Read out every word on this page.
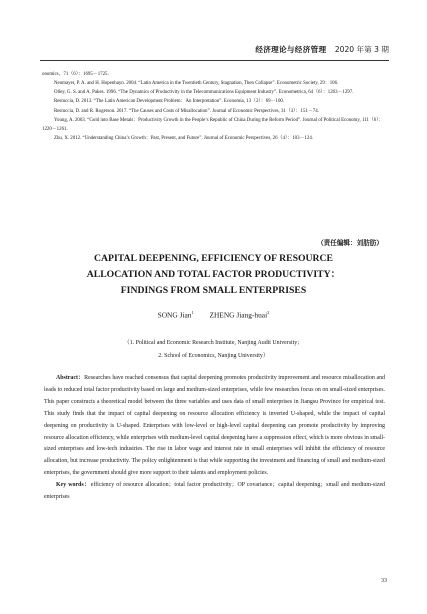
经济理论与经济管理 2020 年第 3 期

onomics，71（6）：1695－1725.

Neumayer, P. A. and H. Hopenhayn. 2004. “Latin America in the Twentieth Century, Stagnation, Then Collapse”. Econometric Society, 29：106.

Olley, G. S. and A. Pakes. 1996. “The Dynamics of Productivity in the Telecommunications Equipment Industry”. Econometrica, 64（6）：1263－1297.

Restuccia, D. 2013. “The Latin American Development Problem：An Interpretation”. Economia, 13（2）：69－100.

Restuccia, D. and R. Rogerson. 2017. “The Causes and Costs of Misallocation”. Journal of Economic Perspectives, 31（3）：151－74.

Young, A. 2003. “Gold into Base Metals：Productivity Growth in the People’s Republic of China During the Reform Period”. Journal of Political Economy, 111（6）：1220－1261.

Zhu, X. 2012. “Understanding China’s Growth：Past, Present, and Future”. Journal of Economic Perspectives, 26（4）：103－124.

（责任编辑：刘肪肪）
CAPITAL DEEPENING, EFFICIENCY OF RESOURCE
ALLOCATION AND TOTAL FACTOR PRODUCTIVITY：
FINDINGS FROM SMALL ENTERPRISES
SONG Jian$^1$ ZHENG Jiang-huai$^2$
（1. Political and Economic Research Institute, Nanjing Audit University；
2. School of Economics, Nanjing University）

Abstract：Researches have reached consensus that capital deepening promotes productivity improvement and resource misallocation and leads to reduced total factor productivity based on large and medium-sized enterprises, while few researches focus on on small-sized enterprises. This paper constructs a theoretical model between the three variables and uses data of small enterprises in Jiangsu Province for empirical test. This study finds that the impact of capital deepening on resource allocation efficiency is inverted U-shaped, while the impact of capital deepening on productivity is U-shaped. Enterprises with low-level or high-level capital deepening can promote productivity by improving resource allocation efficiency, while enterprises with medium-level capital deepening have a suppression effect, which is more obvious in small-sized enterprises and low-tech industries. The rise in labor wage and interest rate in small enterprises will inhibit the efficiency of resource allocation, but increase productivity. The policy enlightenment is that while supporting the investment and financing of small and medium-sized enterprises, the government should give more support to their talents and employment policies.

Key words：efficiency of resource allocation；total factor productivity；OP covariance；capital deepening；small and medium-sized enterprises

33
